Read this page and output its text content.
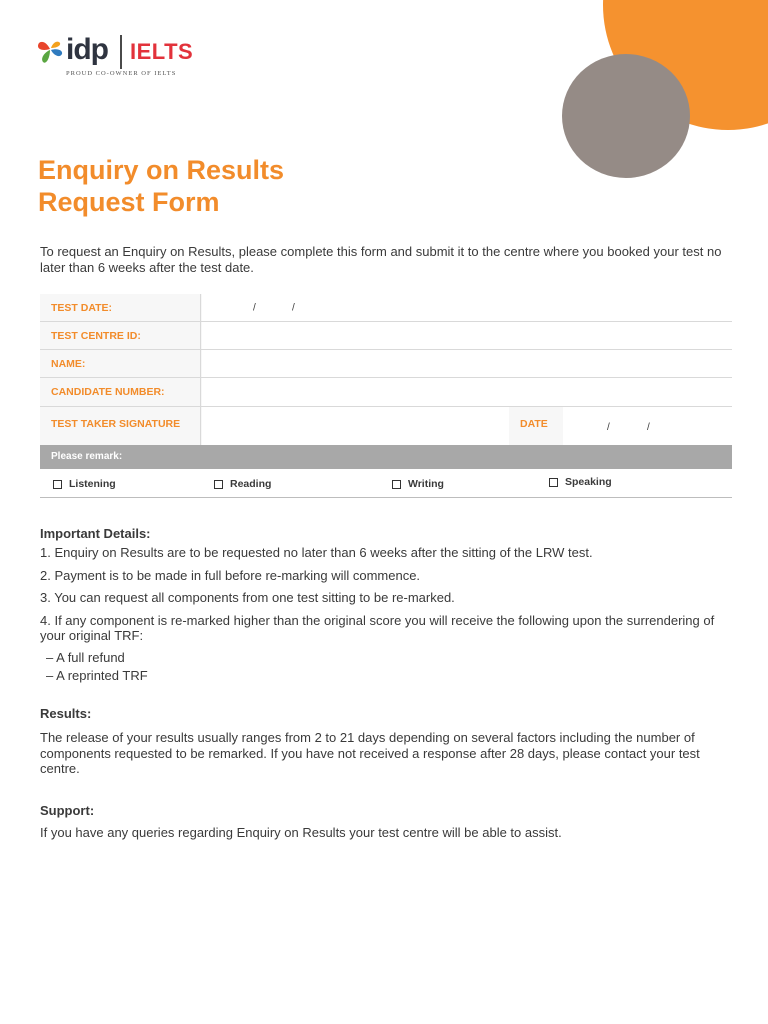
idp IELTS
PROUD CO-OWNER OF IELTS
Enquiry on Results
Request Form

To request an Enquiry on Results, please complete this form and submit it to the centre where you booked your test no later than 6 weeks after the test date.

TEST DATE:	/	/
TEST CENTRE ID:
NAME:
CANDIDATE NUMBER:
TEST TAKER SIGNATURE	DATE	/	/
Please remark:
Listening	Reading	Writing	Speaking
Important Details:

1. Enquiry on Results are to be requested no later than 6 weeks after the sitting of the LRW test.

2. Payment is to be made in full before re-marking will commence.

3. You can request all components from one test sitting to be re-marked.

4. If any component is re-marked higher than the original score you will receive the following upon the surrendering of your original TRF:

– A full refund

– A reprinted TRF

Results:

The release of your results usually ranges from 2 to 21 days depending on several factors including the number of components requested to be remarked. If you have not received a response after 28 days, please contact your test centre.

Support:

If you have any queries regarding Enquiry on Results your test centre will be able to assist.
